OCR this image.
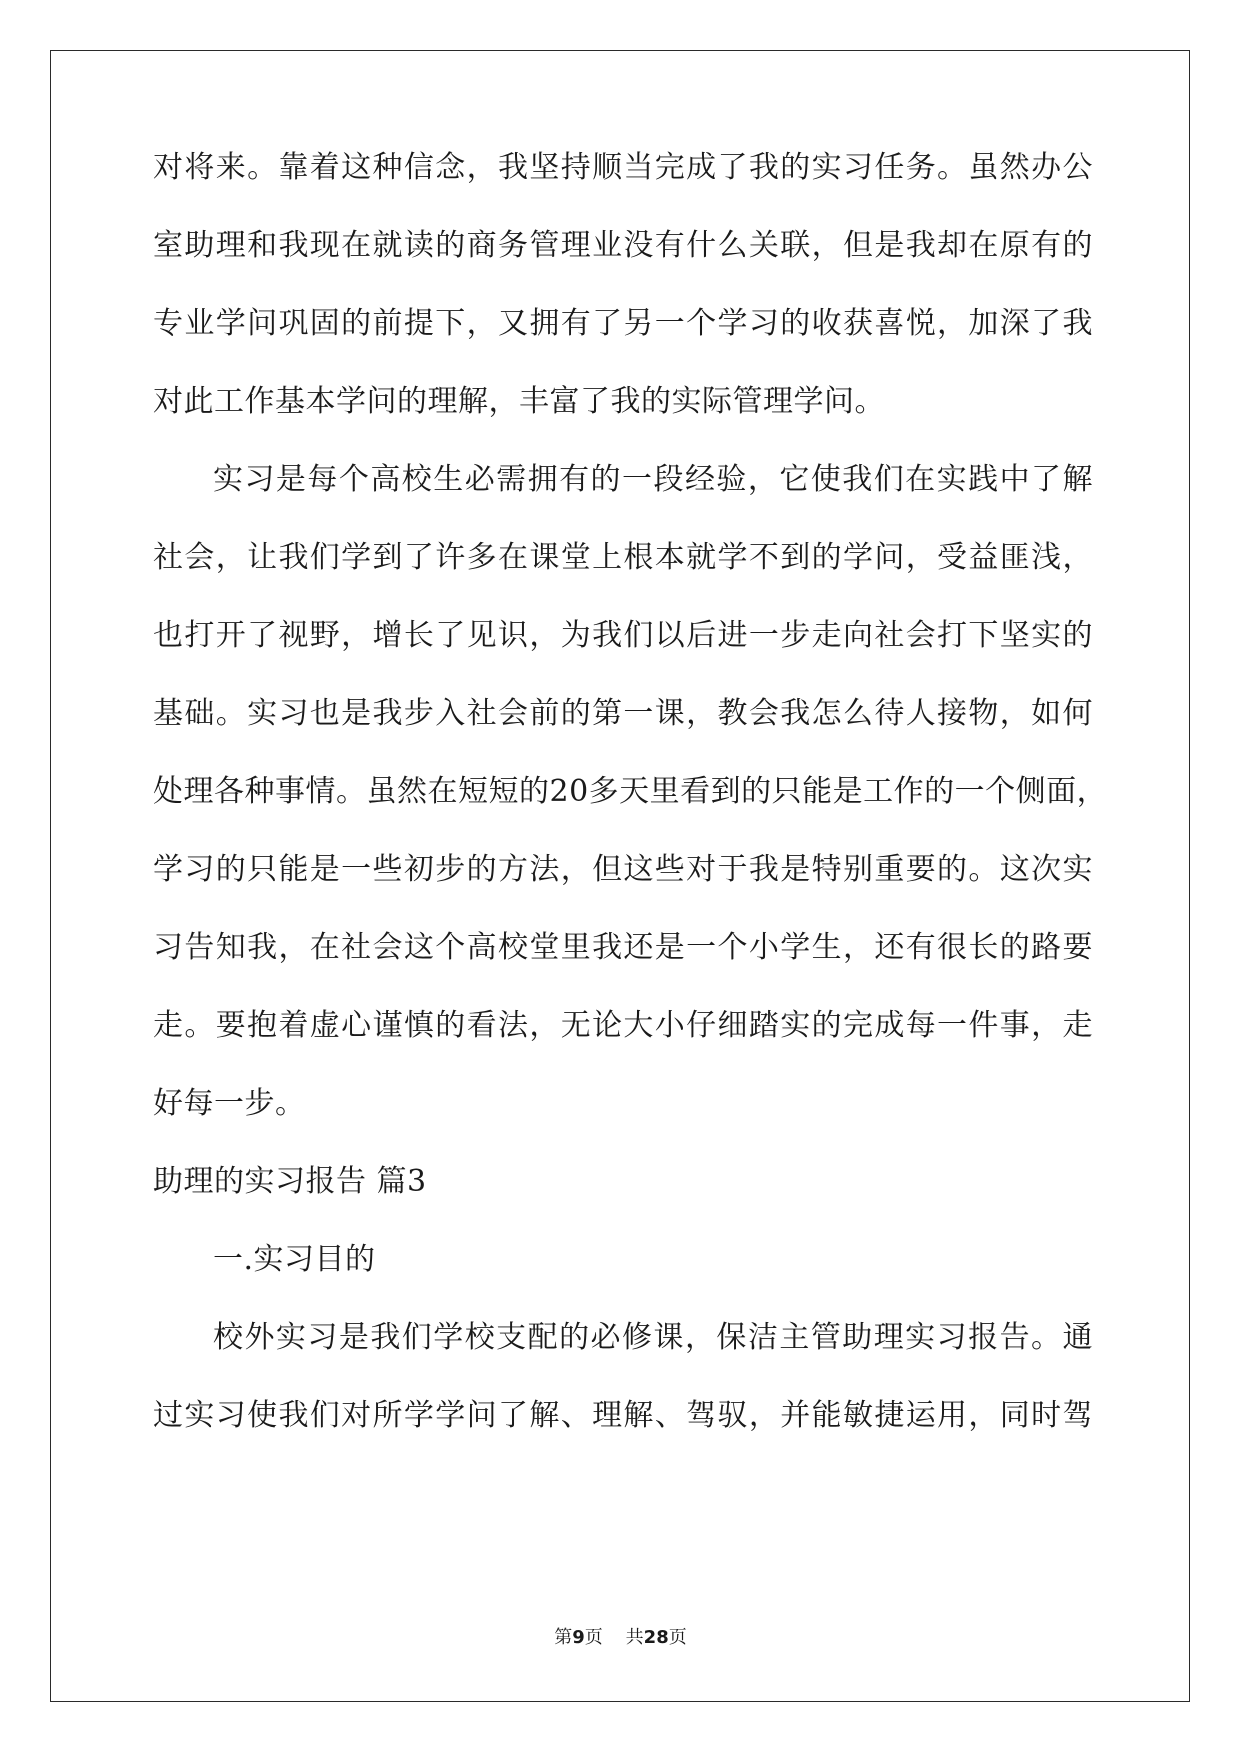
对将来。靠着这种信念，我坚持顺当完成了我的实习任务。虽然办公
室助理和我现在就读的商务管理业没有什么关联，但是我却在原有的
专业学问巩固的前提下，又拥有了另一个学习的收获喜悦，加深了我
对此工作基本学问的理解，丰富了我的实际管理学问。
实习是每个高校生必需拥有的一段经验，它使我们在实践中了解
社会，让我们学到了许多在课堂上根本就学不到的学问，受益匪浅，
也打开了视野，增长了见识，为我们以后进一步走向社会打下坚实的
基础。实习也是我步入社会前的第一课，教会我怎么待人接物，如何
处理各种事情。虽然在短短的20多天里看到的只能是工作的一个侧面，
学习的只能是一些初步的方法，但这些对于我是特别重要的。这次实
习告知我，在社会这个高校堂里我还是一个小学生，还有很长的路要
走。要抱着虚心谨慎的看法，无论大小仔细踏实的完成每一件事，走
好每一步。
助理的实习报告 篇3
一.实习目的
校外实习是我们学校支配的必修课，保洁主管助理实习报告。通
过实习使我们对所学学问了解、理解、驾驭，并能敏捷运用，同时驾
第9页 共28页
